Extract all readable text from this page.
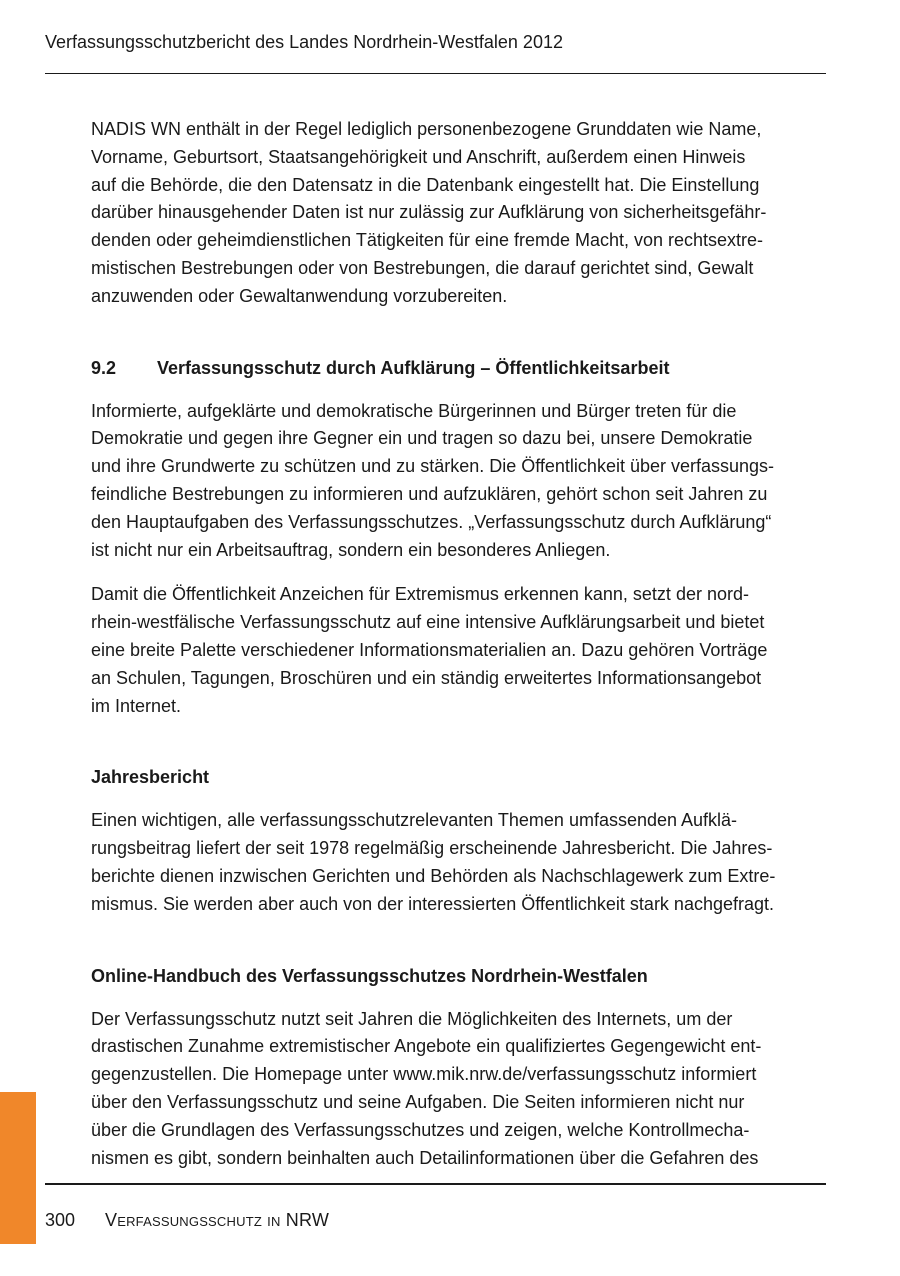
Verfassungsschutzbericht des Landes Nordrhein-Westfalen 2012

NADIS WN enthält in der Regel lediglich personenbezogene Grunddaten wie Name,
Vorname, Geburtsort, Staatsangehörigkeit und Anschrift, außerdem einen Hinweis
auf die Behörde, die den Datensatz in die Datenbank eingestellt hat. Die Einstellung
darüber hinausgehender Daten ist nur zulässig zur Aufklärung von sicherheitsgefähr-
denden oder geheimdienstlichen Tätigkeiten für eine fremde Macht, von rechtsextre-
mistischen Bestrebungen oder von Bestrebungen, die darauf gerichtet sind, Gewalt
anzuwenden oder Gewaltanwendung vorzubereiten.

9.2 Verfassungsschutz durch Aufklärung – Öffentlichkeitsarbeit

Informierte, aufgeklärte und demokratische Bürgerinnen und Bürger treten für die
Demokratie und gegen ihre Gegner ein und tragen so dazu bei, unsere Demokratie
und ihre Grundwerte zu schützen und zu stärken. Die Öffentlichkeit über verfassungs-
feindliche Bestrebungen zu informieren und aufzuklären, gehört schon seit Jahren zu
den Hauptaufgaben des Verfassungsschutzes. „Verfassungsschutz durch Aufklärung“
ist nicht nur ein Arbeitsauftrag, sondern ein besonderes Anliegen.

Damit die Öffentlichkeit Anzeichen für Extremismus erkennen kann, setzt der nord-
rhein-westfälische Verfassungsschutz auf eine intensive Aufklärungsarbeit und bietet
eine breite Palette verschiedener Informationsmaterialien an. Dazu gehören Vorträge
an Schulen, Tagungen, Broschüren und ein ständig erweitertes Informationsangebot
im Internet.

Jahresbericht

Einen wichtigen, alle verfassungsschutzrelevanten Themen umfassenden Aufklä-
rungsbeitrag liefert der seit 1978 regelmäßig erscheinende Jahresbericht. Die Jahres-
berichte dienen inzwischen Gerichten und Behörden als Nachschlagewerk zum Extre-
mismus. Sie werden aber auch von der interessierten Öffentlichkeit stark nachgefragt.

Online-Handbuch des Verfassungsschutzes Nordrhein-Westfalen

Der Verfassungsschutz nutzt seit Jahren die Möglichkeiten des Internets, um der
drastischen Zunahme extremistischer Angebote ein qualifiziertes Gegengewicht ent-
gegenzustellen. Die Homepage unter www.mik.nrw.de/verfassungsschutz informiert
über den Verfassungsschutz und seine Aufgaben. Die Seiten informieren nicht nur
über die Grundlagen des Verfassungsschutzes und zeigen, welche Kontrollmecha-
nismen es gibt, sondern beinhalten auch Detailinformationen über die Gefahren des

300 Verfassungsschutz in NRW
